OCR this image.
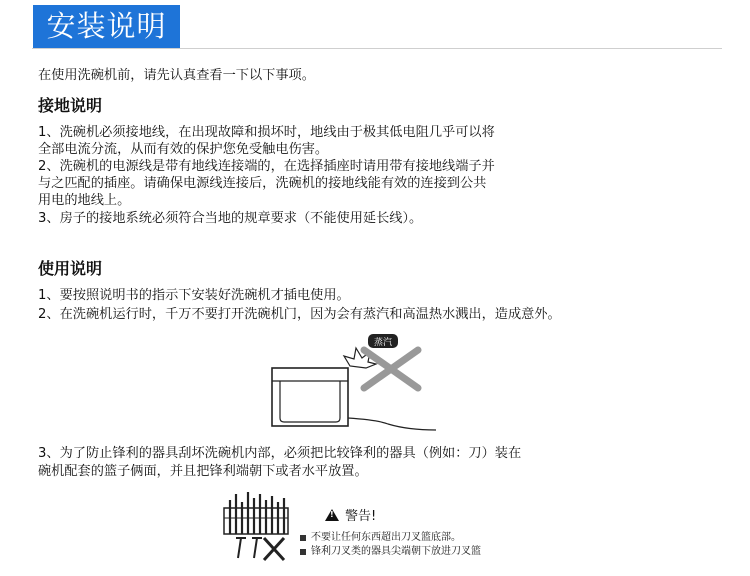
安装说明
在使用洗碗机前，请先认真查看一下以下事项。
接地说明
1、洗碗机必须接地线，在出现故障和损坏时，地线由于极其低电阻几乎可以将
全部电流分流，从而有效的保护您免受触电伤害。
2、洗碗机的电源线是带有地线连接端的，在选择插座时请用带有接地线端子并
与之匹配的插座。请确保电源线连接后，洗碗机的接地线能有效的连接到公共
用电的地线上。
3、房子的接地系统必须符合当地的规章要求（不能使用延长线）。
使用说明
1、要按照说明书的指示下安装好洗碗机才插电使用。
2、在洗碗机运行时，千万不要打开洗碗机门，因为会有蒸汽和高温热水溅出，造成意外。
蒸汽
3、为了防止锋利的器具刮坏洗碗机内部，必须把比较锋利的器具（例如：刀）装在
碗机配套的篮子俩面，并且把锋利端朝下或者水平放置。
!
警告!
不要让任何东西超出刀叉篮底部。
锋利刀叉类的器具尖端朝下放进刀叉篮
